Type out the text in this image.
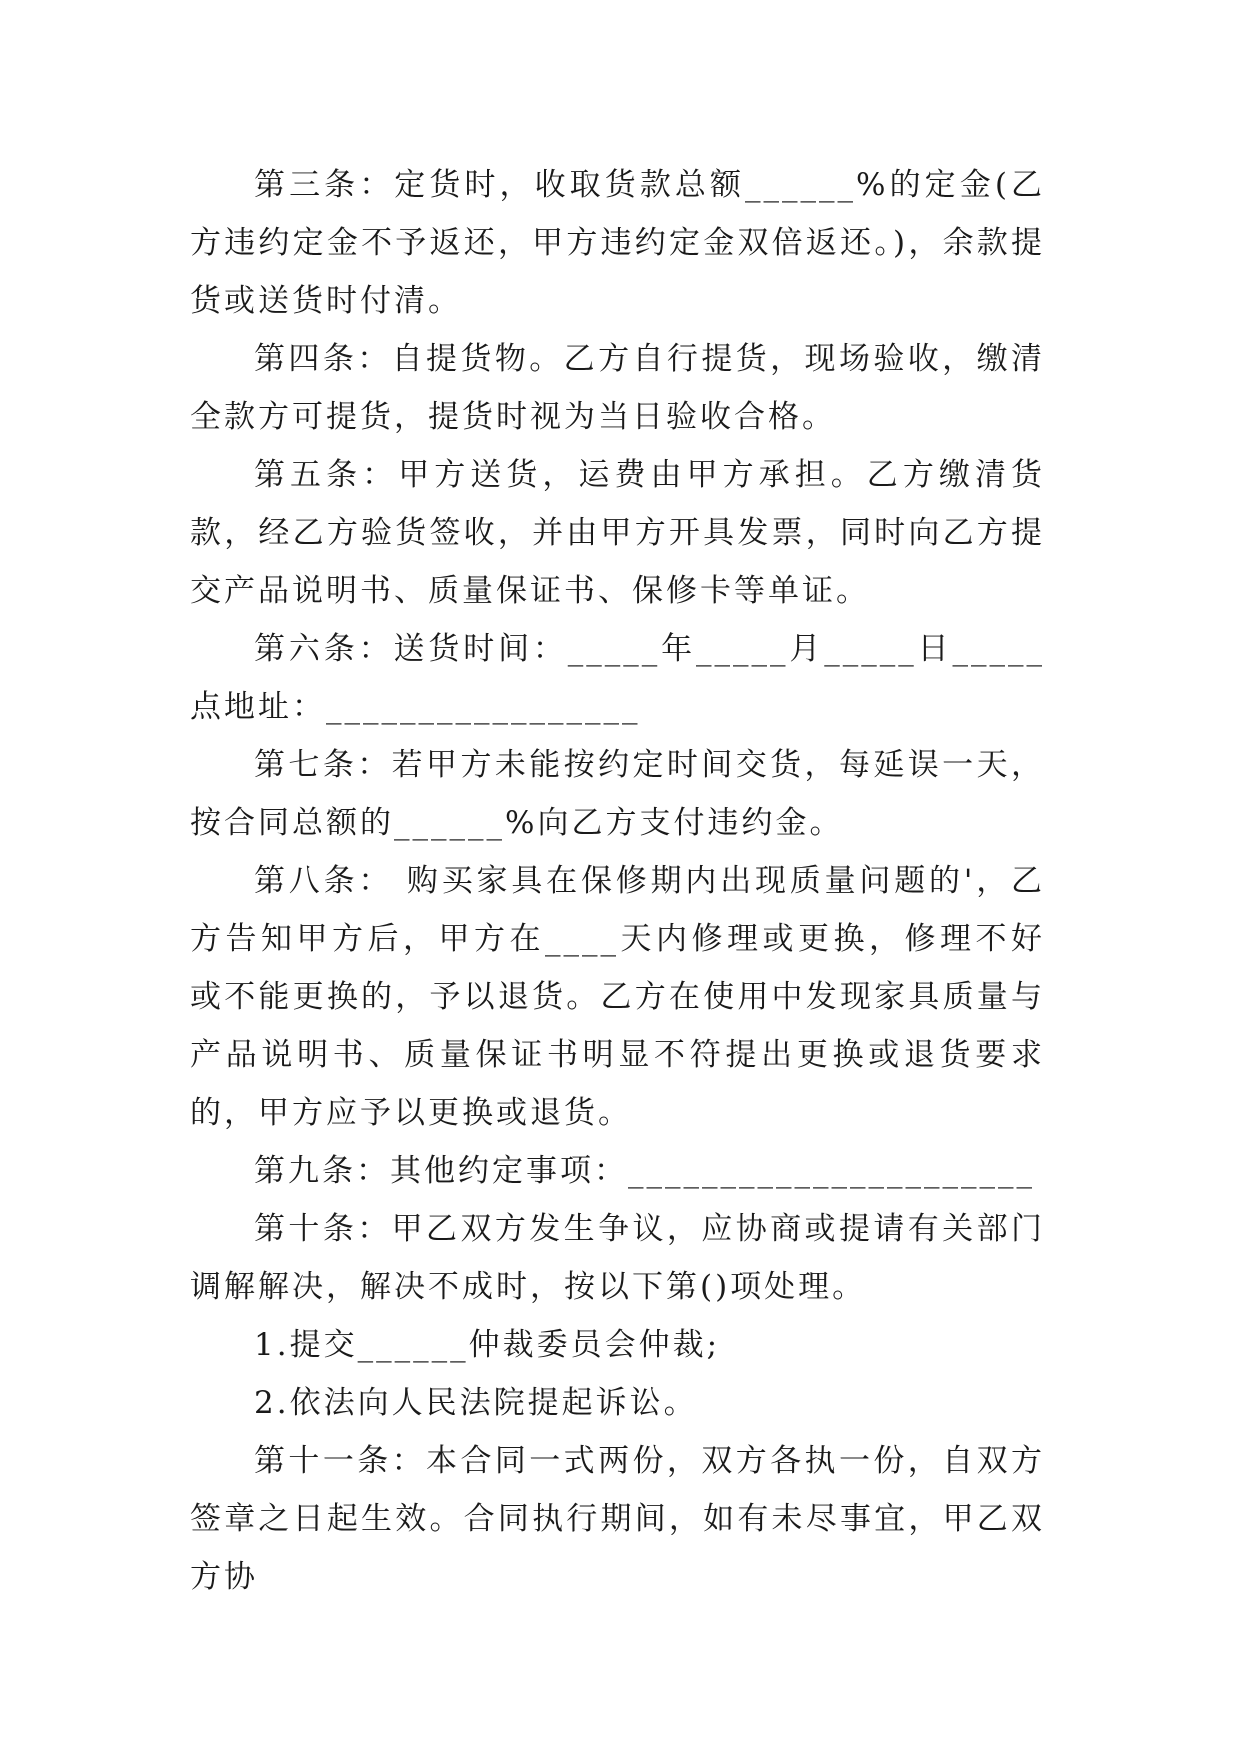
第三条：定货时，收取货款总额______%的定金(乙方违约定金不予返还，甲方违约定金双倍返还。)，余款提货或送货时付清。

第四条：自提货物。乙方自行提货，现场验收，缴清全款方可提货，提货时视为当日验收合格。

第五条：甲方送货，运费由甲方承担。乙方缴清货款，经乙方验货签收，并由甲方开具发票，同时向乙方提交产品说明书、质量保证书、保修卡等单证。

第六条：送货时间：_____年_____月_____日_____点地址：_________________

第七条：若甲方未能按约定时间交货，每延误一天，按合同总额的______%向乙方支付违约金。

第八条： 购买家具在保修期内出现质量问题的'，乙方告知甲方后，甲方在____天内修理或更换，修理不好或不能更换的，予以退货。乙方在使用中发现家具质量与产品说明书、质量保证书明显不符提出更换或退货要求的，甲方应予以更换或退货。

第九条：其他约定事项：______________________

第十条：甲乙双方发生争议，应协商或提请有关部门调解解决，解决不成时，按以下第()项处理。

1.提交______仲裁委员会仲裁;

2.依法向人民法院提起诉讼。

第十一条：本合同一式两份，双方各执一份，自双方签章之日起生效。合同执行期间，如有未尽事宜，甲乙双方协
